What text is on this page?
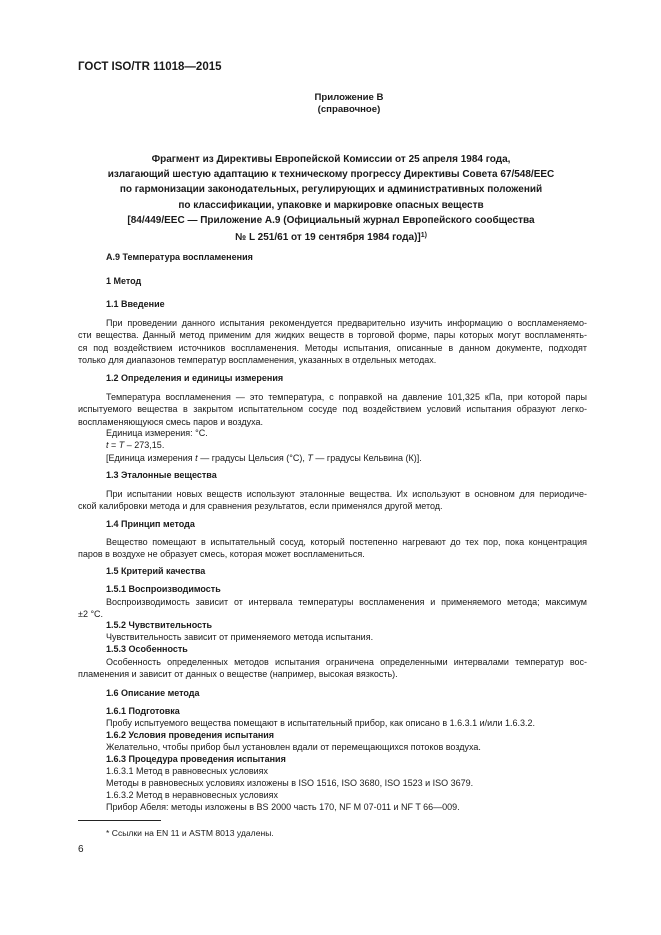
ГОСТ ISO/TR 11018—2015
Приложение В
(справочное)
Фрагмент из Директивы Европейской Комиссии от 25 апреля 1984 года,
излагающий шестую адаптацию к техническому прогрессу Директивы Совета 67/548/ЕЕС
по гармонизации законодательных, регулирующих и административных положений
по классификации, упаковке и маркировке опасных веществ
[84/449/ЕЕС — Приложение А.9 (Официальный журнал Европейского сообщества
№ L 251/61 от 19 сентября 1984 года)]$^{1)}$
А.9 Температура воспламенения
1 Метод
1.1 Введение
При проведении данного испытания рекомендуется предварительно изучить информацию о воспламеняемо-
сти вещества. Данный метод применим для жидких веществ в торговой форме, пары которых могут воспламенять-
ся под воздействием источников воспламенения. Методы испытания, описанные в данном документе, подходят
только для диапазонов температур воспламенения, указанных в отдельных методах.
1.2 Определения и единицы измерения
Температура воспламенения — это температура, с поправкой на давление 101,325 кПа, при которой пары
испытуемого вещества в закрытом испытательном сосуде под воздействием условий испытания образуют легко-
воспламеняющуюся смесь паров и воздуха.
Единица измерения: °С.
t = T – 273,15.
[Единица измерения t — градусы Цельсия (°С), T — градусы Кельвина (К)].
1.3 Эталонные вещества
При испытании новых веществ используют эталонные вещества. Их используют в основном для периодиче-
ской калибровки метода и для сравнения результатов, если применялся другой метод.
1.4 Принцип метода
Вещество помещают в испытательный сосуд, который постепенно нагревают до тех пор, пока концентрация
паров в воздухе не образует смесь, которая может воспламениться.
1.5 Критерий качества
1.5.1 Воспроизводимость
Воспроизводимость зависит от интервала температуры воспламенения и применяемого метода; максимум
±2 °С.
1.5.2 Чувствительность
Чувствительность зависит от применяемого метода испытания.
1.5.3 Особенность
Особенность определенных методов испытания ограничена определенными интервалами температур вос-
пламенения и зависит от данных о веществе (например, высокая вязкость).
1.6 Описание метода
1.6.1 Подготовка
Пробу испытуемого вещества помещают в испытательный прибор, как описано в 1.6.3.1 и/или 1.6.3.2.
1.6.2 Условия проведения испытания
Желательно, чтобы прибор был установлен вдали от перемещающихся потоков воздуха.
1.6.3 Процедура проведения испытания
1.6.3.1 Метод в равновесных условиях
Методы в равновесных условиях изложены в ISO 1516, ISO 3680, ISO 1523 и ISO 3679.
1.6.3.2 Метод в неравновесных условиях
Прибор Абеля: методы изложены в BS 2000 часть 170, NF M 07-011 и NF T 66—009.
* Ссылки на EN 11 и ASTM 8013 удалены.
6
